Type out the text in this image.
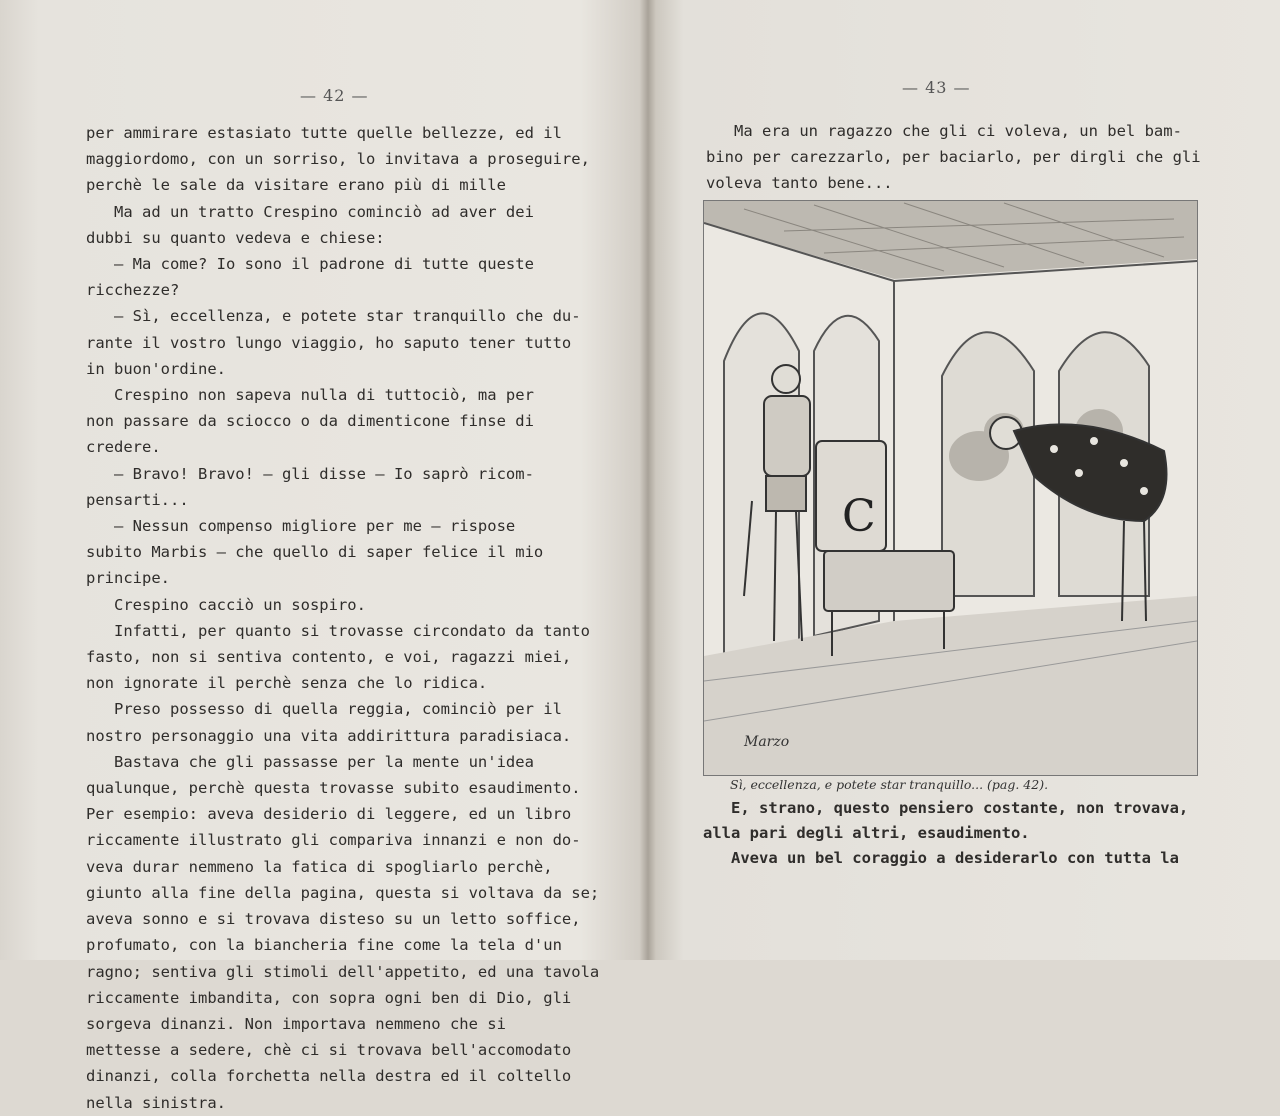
— 42 —	— 43 —
per ammirare estasiato tutte quelle bellezze, ed il
maggiordomo, con un sorriso, lo invitava a proseguire,
perchè le sale da visitare erano più di mille
Ma ad un tratto Crespino cominciò ad aver dei
dubbi su quanto vedeva e chiese:
— Ma come? Io sono il padrone di tutte queste
ricchezze?
— Sì, eccellenza, e potete star tranquillo che du-
rante il vostro lungo viaggio, ho saputo tener tutto
in buon'ordine.
Crespino non sapeva nulla di tuttociò, ma per
non passare da sciocco o da dimenticone finse di
credere.
— Bravo! Bravo! — gli disse — Io saprò ricom-
pensarti...
— Nessun compenso migliore per me — rispose
subito Marbis — che quello di saper felice il mio
principe.
Crespino cacciò un sospiro.
Infatti, per quanto si trovasse circondato da tanto
fasto, non si sentiva contento, e voi, ragazzi miei,
non ignorate il perchè senza che lo ridica.
Preso possesso di quella reggia, cominciò per il
nostro personaggio una vita addirittura paradisiaca.
Bastava che gli passasse per la mente un'idea
qualunque, perchè questa trovasse subito esaudimento.
Per esempio: aveva desiderio di leggere, ed un libro
riccamente illustrato gli compariva innanzi e non do-
veva durar nemmeno la fatica di spogliarlo perchè,
giunto alla fine della pagina, questa si voltava da se;
aveva sonno e si trovava disteso su un letto soffice,
profumato, con la biancheria fine come la tela d'un
ragno; sentiva gli stimoli dell'appetito, ed una tavola
riccamente imbandita, con sopra ogni ben di Dio, gli
sorgeva dinanzi. Non importava nemmeno che si
mettesse a sedere, chè ci si trovava bell'accomodato
dinanzi, colla forchetta nella destra ed il coltello
nella sinistra.
Ma era un ragazzo che gli ci voleva, un bel bam-
bino per carezzarlo, per baciarlo, per dirgli che gli
voleva tanto bene...
C
Marzo
Sì, eccellenza, e potete star tranquillo... (pag. 42).
E, strano, questo pensiero costante, non trovava,
alla pari degli altri, esaudimento.
Aveva un bel coraggio a desiderarlo con tutta la
